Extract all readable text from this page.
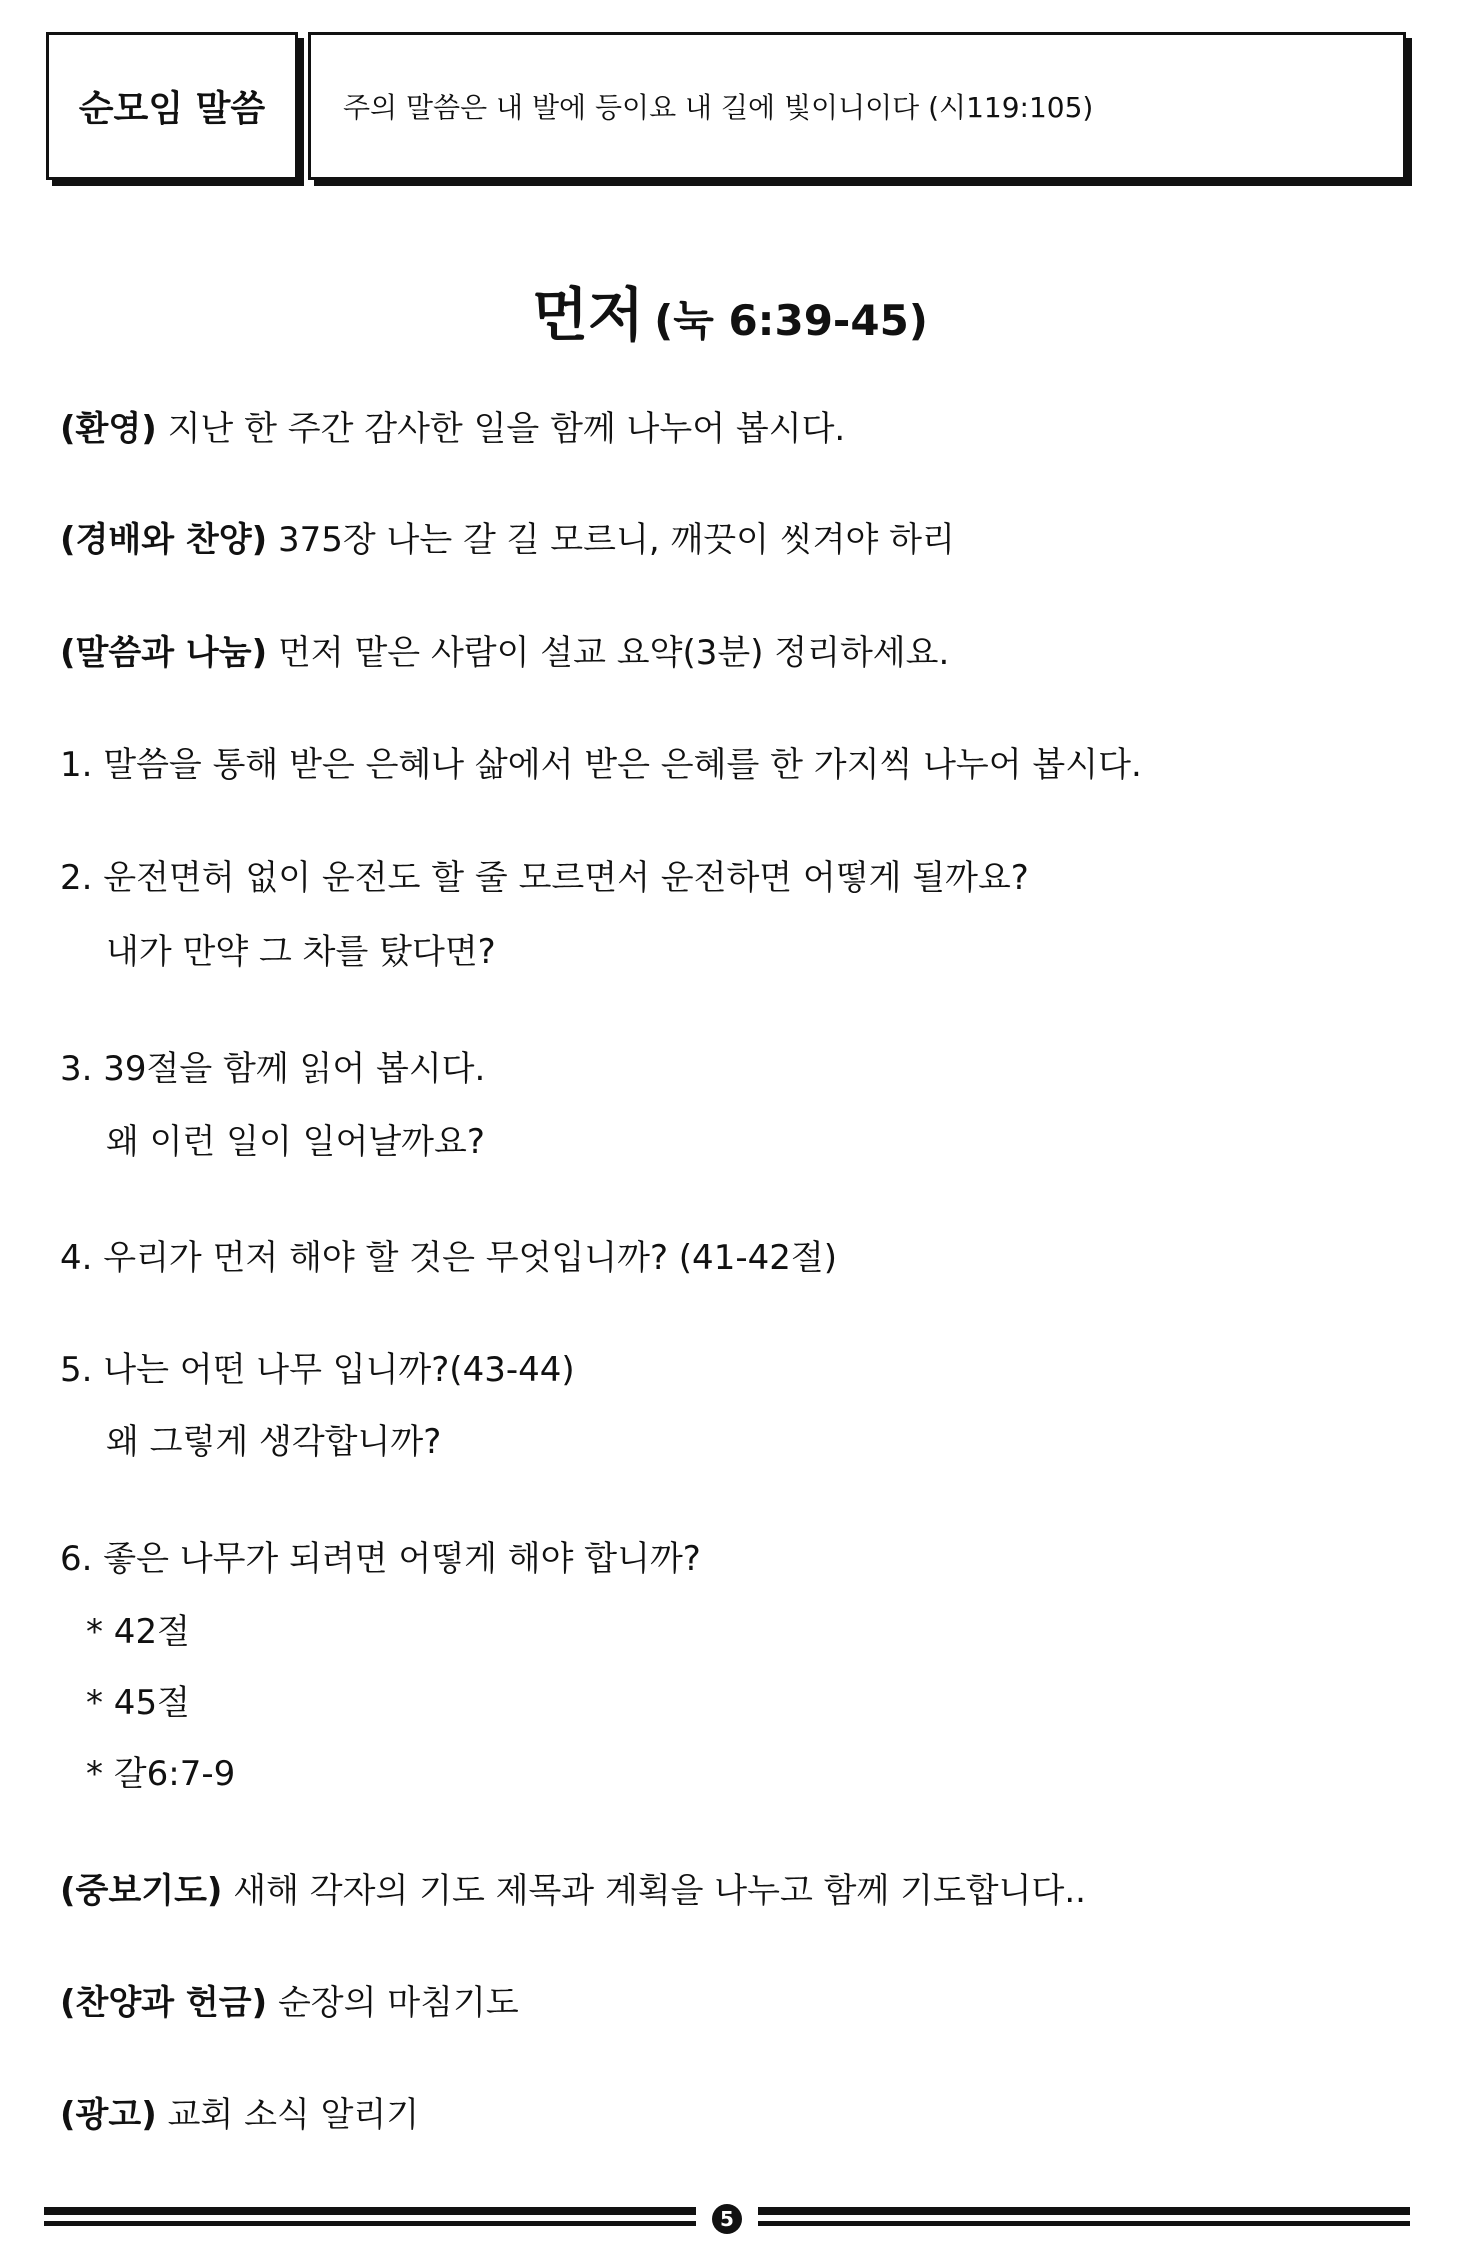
순모임 말씀	주의 말씀은 내 발에 등이요 내 길에 빛이니이다 (시119:105)
먼저 (눅 6:39-45)
(환영) 지난 한 주간 감사한 일을 함께 나누어 봅시다.
(경배와 찬양) 375장 나는 갈 길 모르니, 깨끗이 씻겨야 하리
(말씀과 나눔) 먼저 맡은 사람이 설교 요약(3분) 정리하세요.
1. 말씀을 통해 받은 은혜나 삶에서 받은 은혜를 한 가지씩 나누어 봅시다.
2. 운전면허 없이 운전도 할 줄 모르면서 운전하면 어떻게 될까요?
내가 만약 그 차를 탔다면?
3. 39절을 함께 읽어 봅시다.
왜 이런 일이 일어날까요?
4. 우리가 먼저 해야 할 것은 무엇입니까? (41-42절)
5. 나는 어떤 나무 입니까?(43-44)
왜 그렇게 생각합니까?
6. 좋은 나무가 되려면 어떻게 해야 합니까?
* 42절
* 45절
* 갈6:7-9
(중보기도) 새해 각자의 기도 제목과 계획을 나누고 함께 기도합니다..
(찬양과 헌금) 순장의 마침기도
(광고) 교회 소식 알리기
5
